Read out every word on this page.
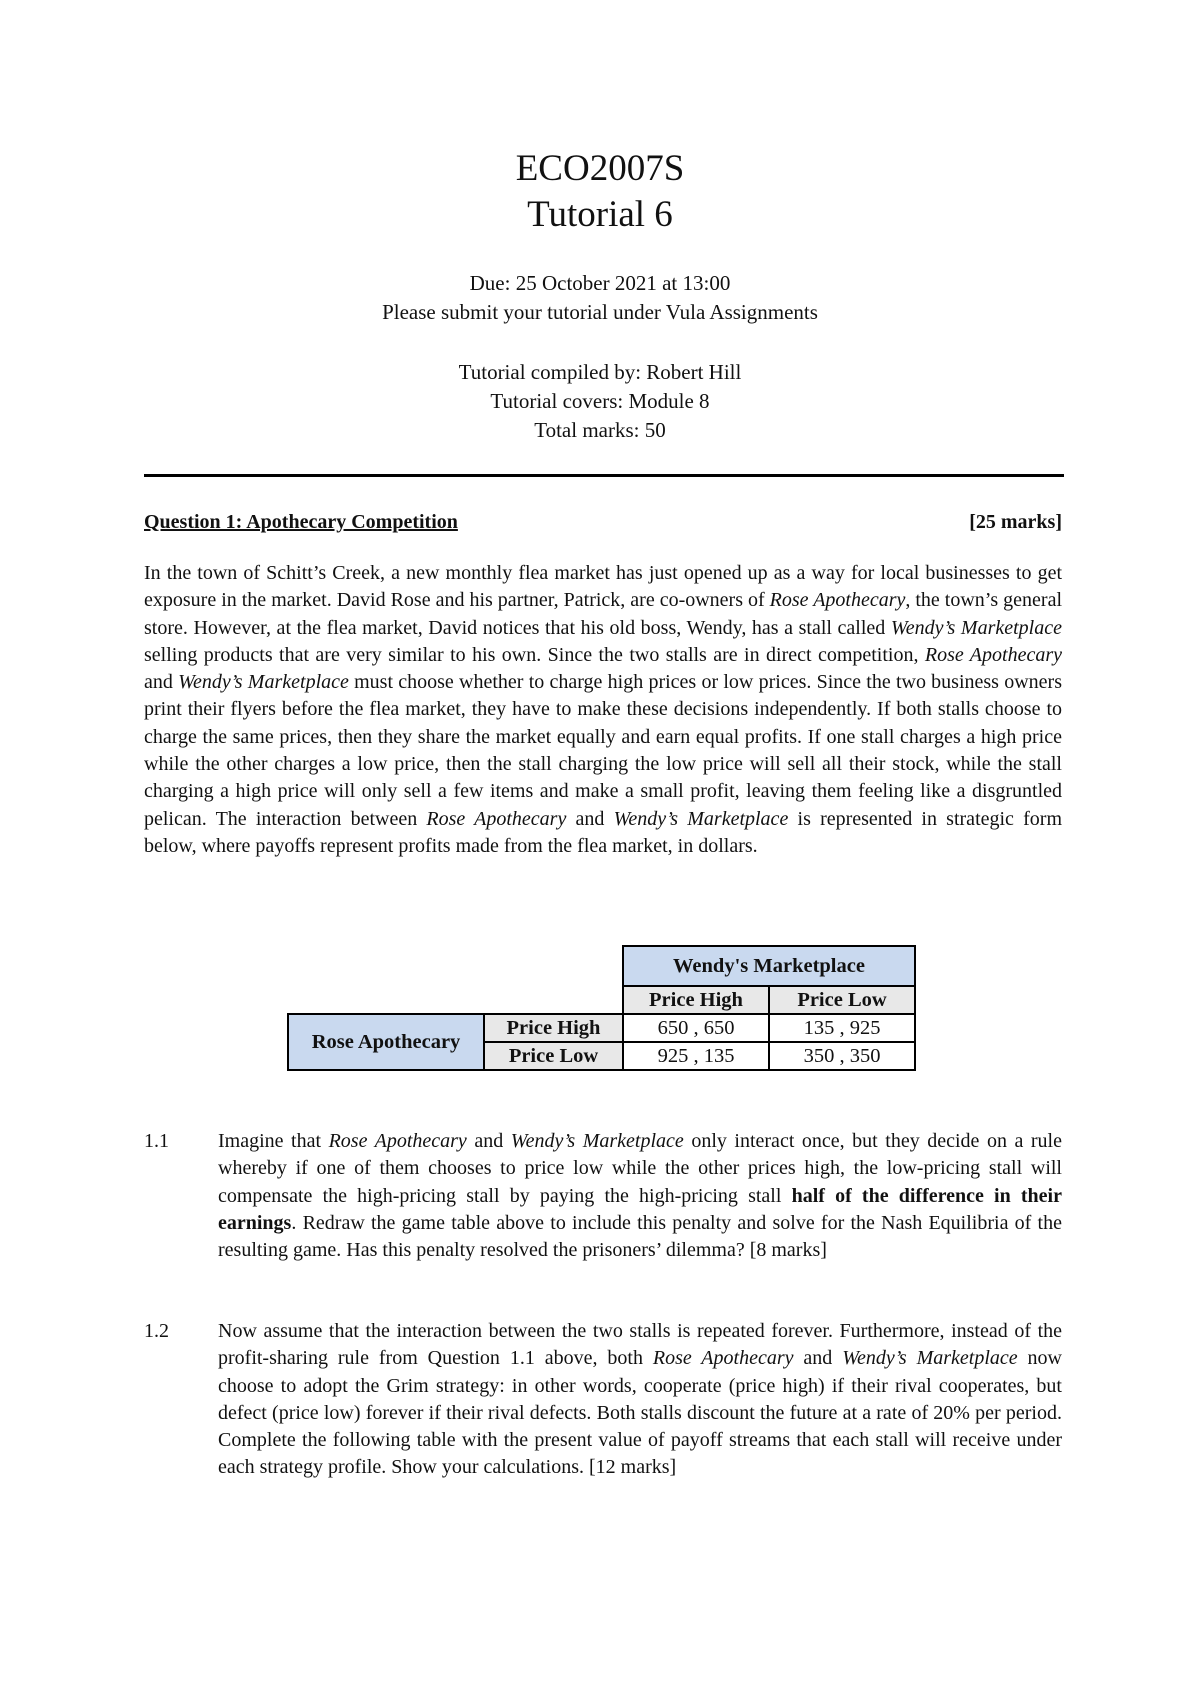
ECO2007S
Tutorial 6
Due: 25 October 2021 at 13:00
Please submit your tutorial under Vula Assignments
Tutorial compiled by: Robert Hill
Tutorial covers: Module 8
Total marks: 50
Question 1: Apothecary Competition	[25 marks]
In the town of Schitt’s Creek, a new monthly flea market has just opened up as a way for local businesses to get exposure in the market. David Rose and his partner, Patrick, are co-owners of Rose Apothecary, the town’s general store. However, at the flea market, David notices that his old boss, Wendy, has a stall called Wendy’s Marketplace selling products that are very similar to his own. Since the two stalls are in direct competition, Rose Apothecary and Wendy’s Marketplace must choose whether to charge high prices or low prices. Since the two business owners print their flyers before the flea market, they have to make these decisions independently. If both stalls choose to charge the same prices, then they share the market equally and earn equal profits. If one stall charges a high price while the other charges a low price, then the stall charging the low price will sell all their stock, while the stall charging a high price will only sell a few items and make a small profit, leaving them feeling like a disgruntled pelican. The interaction between Rose Apothecary and Wendy’s Marketplace is represented in strategic form below, where payoffs represent profits made from the flea market, in dollars.
		Wendy's Marketplace	
		Price High	Price Low
Rose Apothecary	Price High	650 , 650	135 , 925
	Price Low	925 , 135	350 , 350
1.1 Imagine that Rose Apothecary and Wendy’s Marketplace only interact once, but they decide on a rule whereby if one of them chooses to price low while the other prices high, the low-pricing stall will compensate the high-pricing stall by paying the high-pricing stall half of the difference in their earnings. Redraw the game table above to include this penalty and solve for the Nash Equilibria of the resulting game. Has this penalty resolved the prisoners’ dilemma? [8 marks]
1.2 Now assume that the interaction between the two stalls is repeated forever. Furthermore, instead of the profit-sharing rule from Question 1.1 above, both Rose Apothecary and Wendy’s Marketplace now choose to adopt the Grim strategy: in other words, cooperate (price high) if their rival cooperates, but defect (price low) forever if their rival defects. Both stalls discount the future at a rate of 20% per period. Complete the following table with the present value of payoff streams that each stall will receive under each strategy profile. Show your calculations. [12 marks]
